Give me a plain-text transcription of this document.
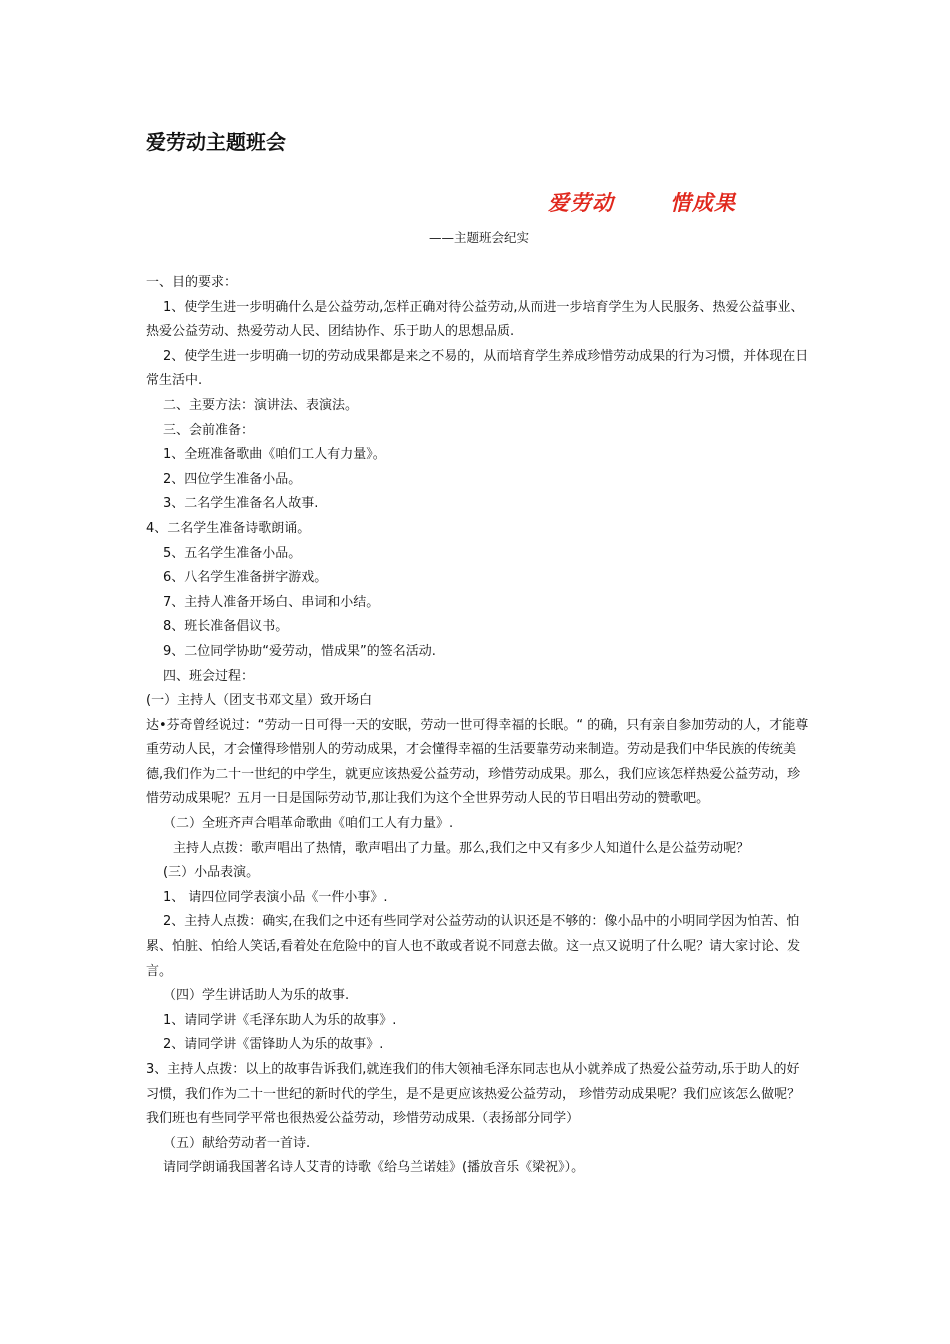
爱劳动主题班会
爱劳动	惜成果
——主题班会纪实

一、目的要求：

1、使学生进一步明确什么是公益劳动,怎样正确对待公益劳动,从而进一步培育学生为人民服务、热爱公益事业、热爱公益劳动、热爱劳动人民、团结协作、乐于助人的思想品质.

2、使学生进一步明确一切的劳动成果都是来之不易的，从而培育学生养成珍惜劳动成果的行为习惯，并体现在日常生活中.

二、主要方法：演讲法、表演法。

三、会前准备：

1、全班准备歌曲《咱们工人有力量》。

2、四位学生准备小品。

3、二名学生准备名人故事.

4、二名学生准备诗歌朗诵。

5、五名学生准备小品。

6、八名学生准备拼字游戏。

7、主持人准备开场白、串词和小结。

8、班长准备倡议书。

9、二位同学协助“爱劳动，惜成果”的签名活动.

四、班会过程：

(一）主持人（团支书邓文星）致开场白

达•芬奇曾经说过：“劳动一日可得一天的安眠，劳动一世可得幸福的长眠。“ 的确，只有亲自参加劳动的人，才能尊重劳动人民，才会懂得珍惜别人的劳动成果，才会懂得幸福的生活要靠劳动来制造。劳动是我们中华民族的传统美德,我们作为二十一世纪的中学生，就更应该热爱公益劳动，珍惜劳动成果。那么，我们应该怎样热爱公益劳动，珍惜劳动成果呢？五月一日是国际劳动节,那让我们为这个全世界劳动人民的节日唱出劳动的赞歌吧。

（二）全班齐声合唱革命歌曲《咱们工人有力量》.

主持人点拨：歌声唱出了热情，歌声唱出了力量。那么,我们之中又有多少人知道什么是公益劳动呢？

(三）小品表演。

1、 请四位同学表演小品《一件小事》.

2、主持人点拨：确实,在我们之中还有些同学对公益劳动的认识还是不够的：像小品中的小明同学因为怕苦、怕累、怕脏、怕给人笑话,看着处在危险中的盲人也不敢或者说不同意去做。这一点又说明了什么呢？请大家讨论、发言。

（四）学生讲话助人为乐的故事.

1、请同学讲《毛泽东助人为乐的故事》.

2、请同学讲《雷锋助人为乐的故事》.

3、主持人点拨：以上的故事告诉我们,就连我们的伟大领袖毛泽东同志也从小就养成了热爱公益劳动,乐于助人的好习惯，我们作为二十一世纪的新时代的学生，是不是更应该热爱公益劳动， 珍惜劳动成果呢？我们应该怎么做呢？我们班也有些同学平常也很热爱公益劳动，珍惜劳动成果.（表扬部分同学）

（五）献给劳动者一首诗.

请同学朗诵我国著名诗人艾青的诗歌《给乌兰诺娃》(播放音乐《梁祝》）。
